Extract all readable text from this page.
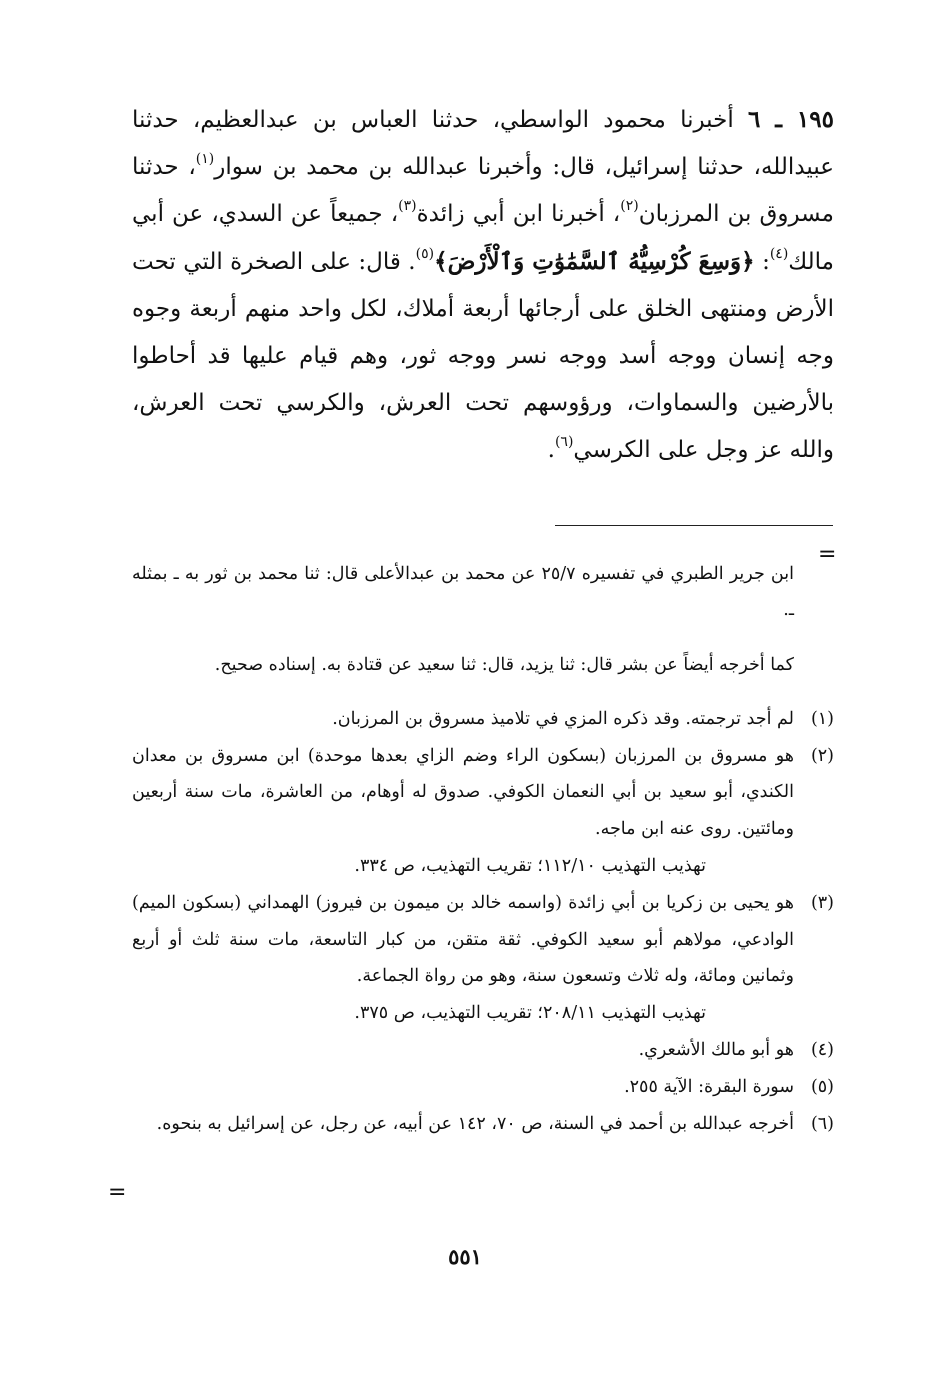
١٩٥ ـ ٦ أخبرنا محمود الواسطي، حدثنا العباس بن عبدالعظيم، حدثنا عبيدالله، حدثنا إسرائيل، قال: وأخبرنا عبدالله بن محمد بن سوار$^{(١)}$، حدثنا مسروق بن المرزبان$^{(٢)}$، أخبرنا ابن أبي زائدة$^{(٣)}$، جميعاً عن السدي، عن أبي مالك$^{(٤)}$: ﴿وَسِعَ كُرْسِيُّهُ ٱلسَّمَٰوَٰتِ وَٱلْأَرْضَ﴾$^{(٥)}$. قال: على الصخرة التي تحت الأرض ومنتهى الخلق على أرجائها أربعة أملاك، لكل واحد منهم أربعة وجوه وجه إنسان ووجه أسد ووجه نسر ووجه ثور، وهم قيام عليها قد أحاطوا بالأرضين والسماوات، ورؤوسهم تحت العرش، والكرسي تحت العرش، والله عز وجل على الكرسي$^{(٦)}$.

=

ابن جرير الطبري في تفسيره ٢٥/٧ عن محمد بن عبدالأعلى قال: ثنا محمد بن ثور به ـ بمثله ـ.

كما أخرجه أيضاً عن بشر قال: ثنا يزيد، قال: ثنا سعيد عن قتادة به. إسناده صحيح.

(١)

لم أجد ترجمته. وقد ذكره المزي في تلاميذ مسروق بن المرزبان.

(٢)

هو مسروق بن المرزبان (بسكون الراء وضم الزاي بعدها موحدة) ابن مسروق بن معدان الكندي، أبو سعيد بن أبي النعمان الكوفي. صدوق له أوهام، من العاشرة، مات سنة أربعين ومائتين. روى عنه ابن ماجه.

تهذيب التهذيب ١١٢/١٠؛ تقريب التهذيب، ص ٣٣٤.

(٣)

هو يحيى بن زكريا بن أبي زائدة (واسمه خالد بن ميمون بن فيروز) الهمداني (بسكون الميم) الوادعي، مولاهم أبو سعيد الكوفي. ثقة متقن، من كبار التاسعة، مات سنة ثلث أو أربع وثمانين ومائة، وله ثلاث وتسعون سنة، وهو من رواة الجماعة.

تهذيب التهذيب ٢٠٨/١١؛ تقريب التهذيب، ص ٣٧٥.

(٤)

هو أبو مالك الأشعري.

(٥)

سورة البقرة: الآية ٢٥٥.

(٦)

أخرجه عبدالله بن أحمد في السنة، ص ٧٠، ١٤٢ عن أبيه، عن رجل، عن إسرائيل به بنحوه.

=
٥٥١
